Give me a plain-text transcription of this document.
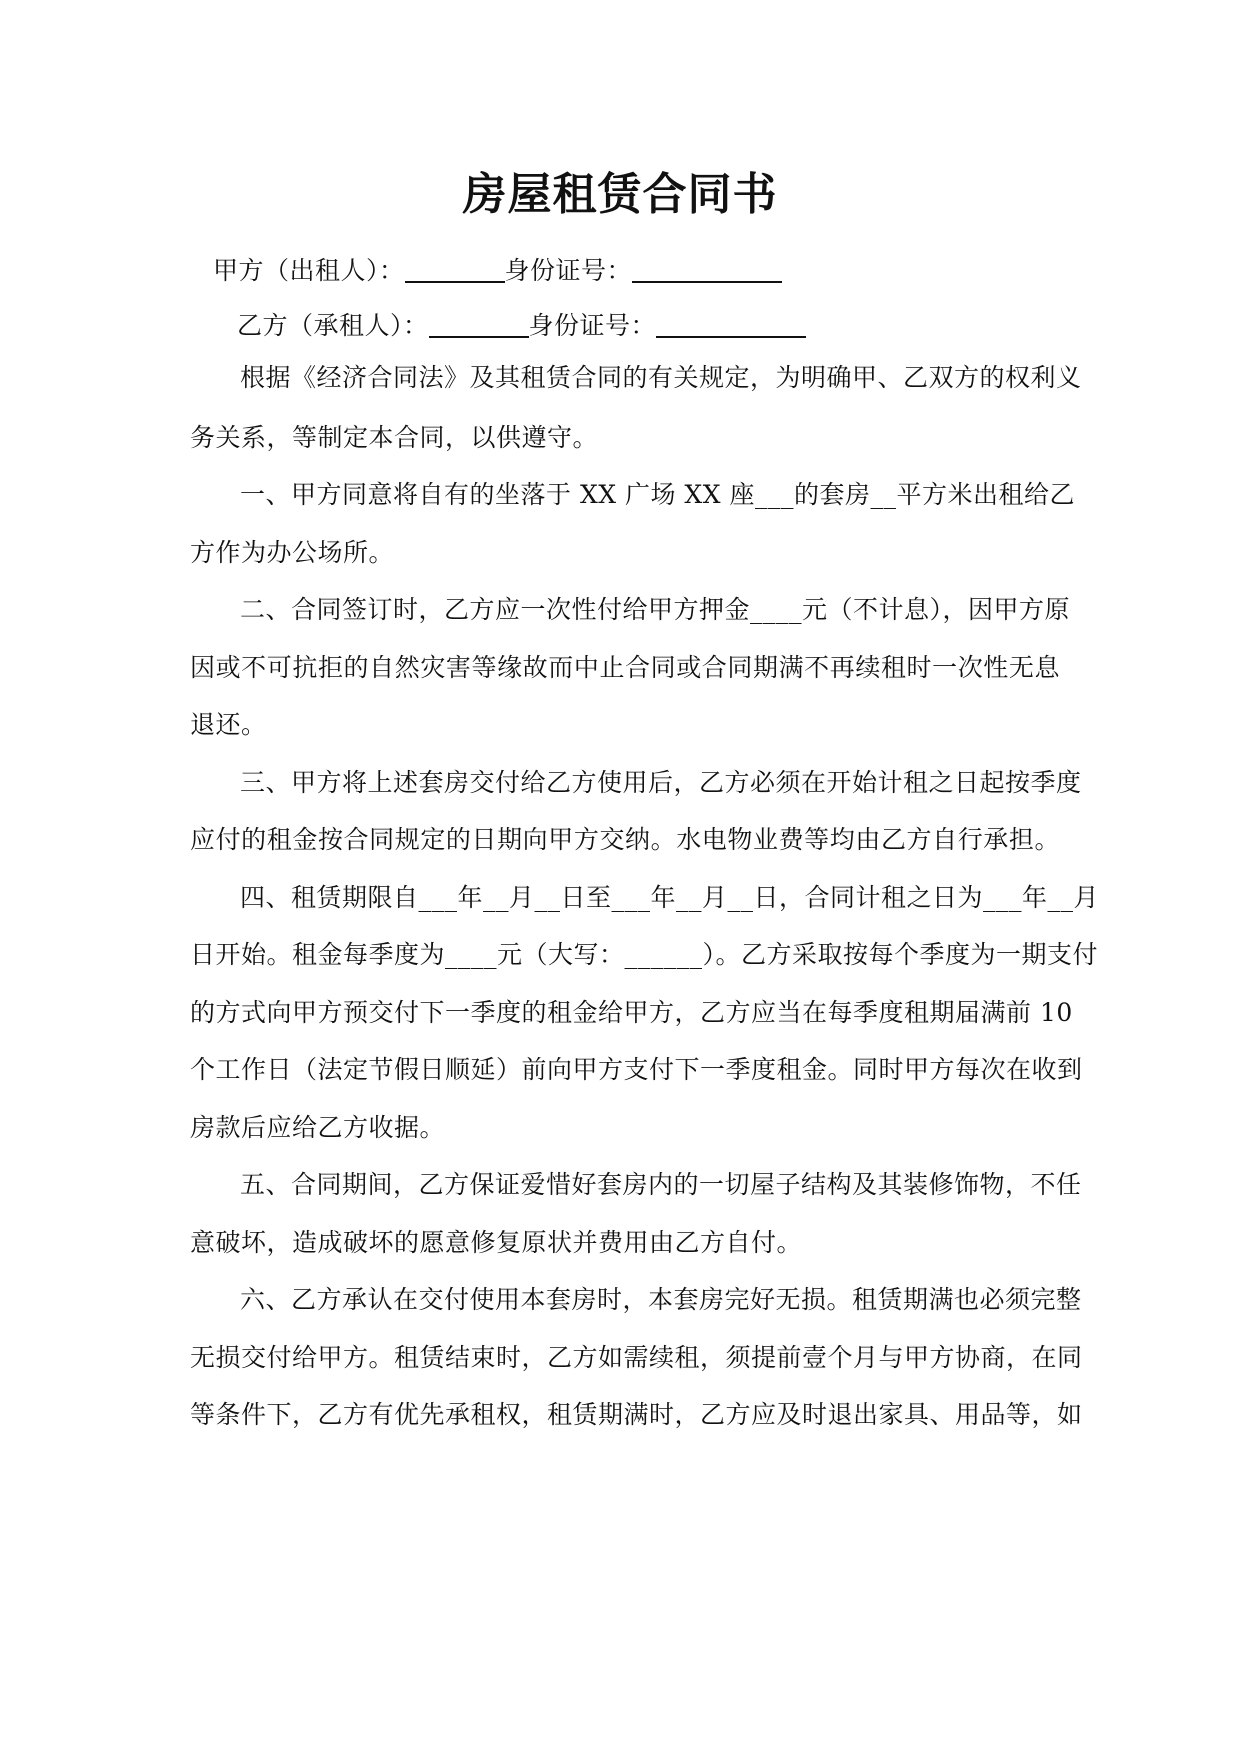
房屋租赁合同书
甲方（出租人）：	身份证号：
乙方（承租人）：	身份证号：
根据《经济合同法》及其租赁合同的有关规定，为明确甲、乙双方的权利义
务关系，等制定本合同，以供遵守。
一、甲方同意将自有的坐落于 XX 广场 XX 座___的套房__平方米出租给乙
方作为办公场所。
二、合同签订时，乙方应一次性付给甲方押金____元（不计息），因甲方原
因或不可抗拒的自然灾害等缘故而中止合同或合同期满不再续租时一次性无息
退还。
三、甲方将上述套房交付给乙方使用后，乙方必须在开始计租之日起按季度
应付的租金按合同规定的日期向甲方交纳。水电物业费等均由乙方自行承担。
四、租赁期限自___年__月__日至___年__月__日，合同计租之日为___年__月
日开始。租金每季度为____元（大写：______）。乙方采取按每个季度为一期支付
的方式向甲方预交付下一季度的租金给甲方，乙方应当在每季度租期届满前 10
个工作日（法定节假日顺延）前向甲方支付下一季度租金。同时甲方每次在收到
房款后应给乙方收据。
五、合同期间，乙方保证爱惜好套房内的一切屋子结构及其装修饰物，不任
意破坏，造成破坏的愿意修复原状并费用由乙方自付。
六、乙方承认在交付使用本套房时，本套房完好无损。租赁期满也必须完整
无损交付给甲方。租赁结束时，乙方如需续租，须提前壹个月与甲方协商，在同
等条件下，乙方有优先承租权，租赁期满时，乙方应及时退出家具、用品等，如
